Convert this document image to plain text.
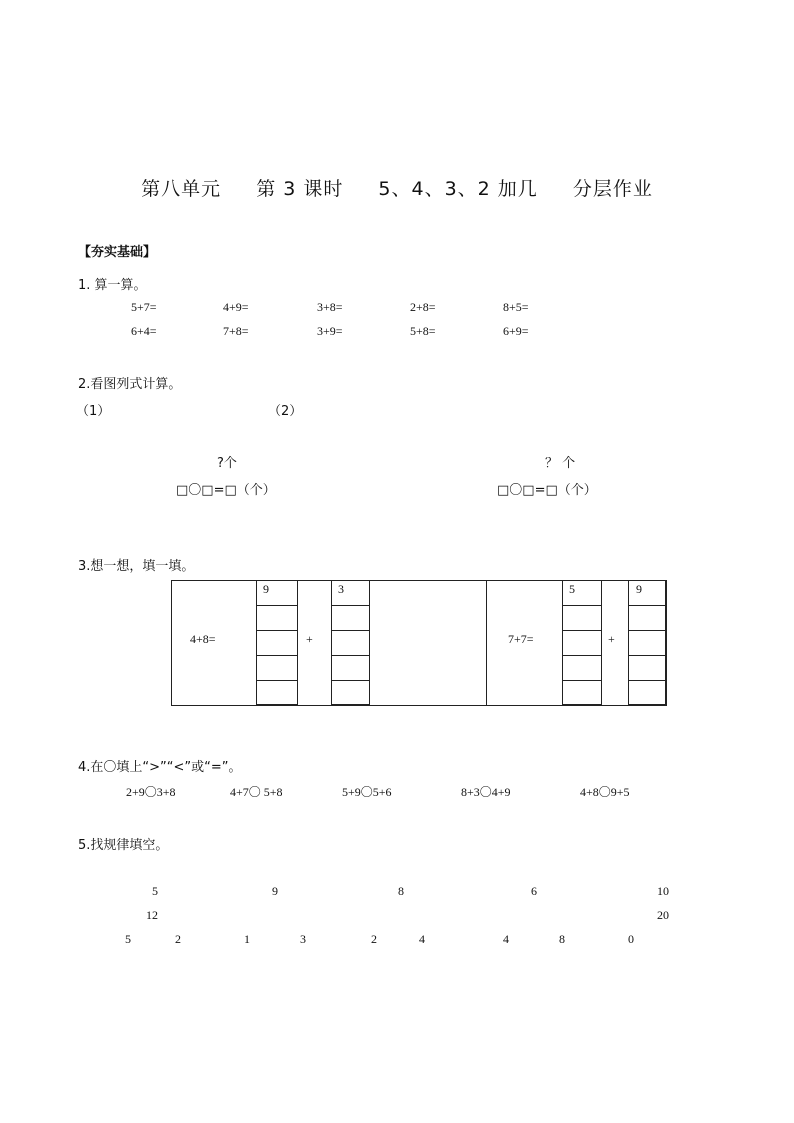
第八单元 第 3 课时 5、4、3、2 加几 分层作业
【夯实基础】
1. 算一算。
5+7=	4+9=	3+8=	2+8=	8+5=
6+4=	7+8=	3+9=	5+8=	6+9=
2.看图列式计算。
（1）	（2）
?个
□〇□=□（个）
？ 个
□〇□=□（个）
3.想一想，填一填。
9	3	5	9
4+8=	+	7+7=	+
4.在〇填上“>”“<”或“=”。
2+9〇3+8	4+7〇 5+8	5+9〇5+6	8+3〇4+9	4+8〇9+5
5.找规律填空。
5	9	8	6	10
12	20
5	2	1	3	2	4	4	8	0
